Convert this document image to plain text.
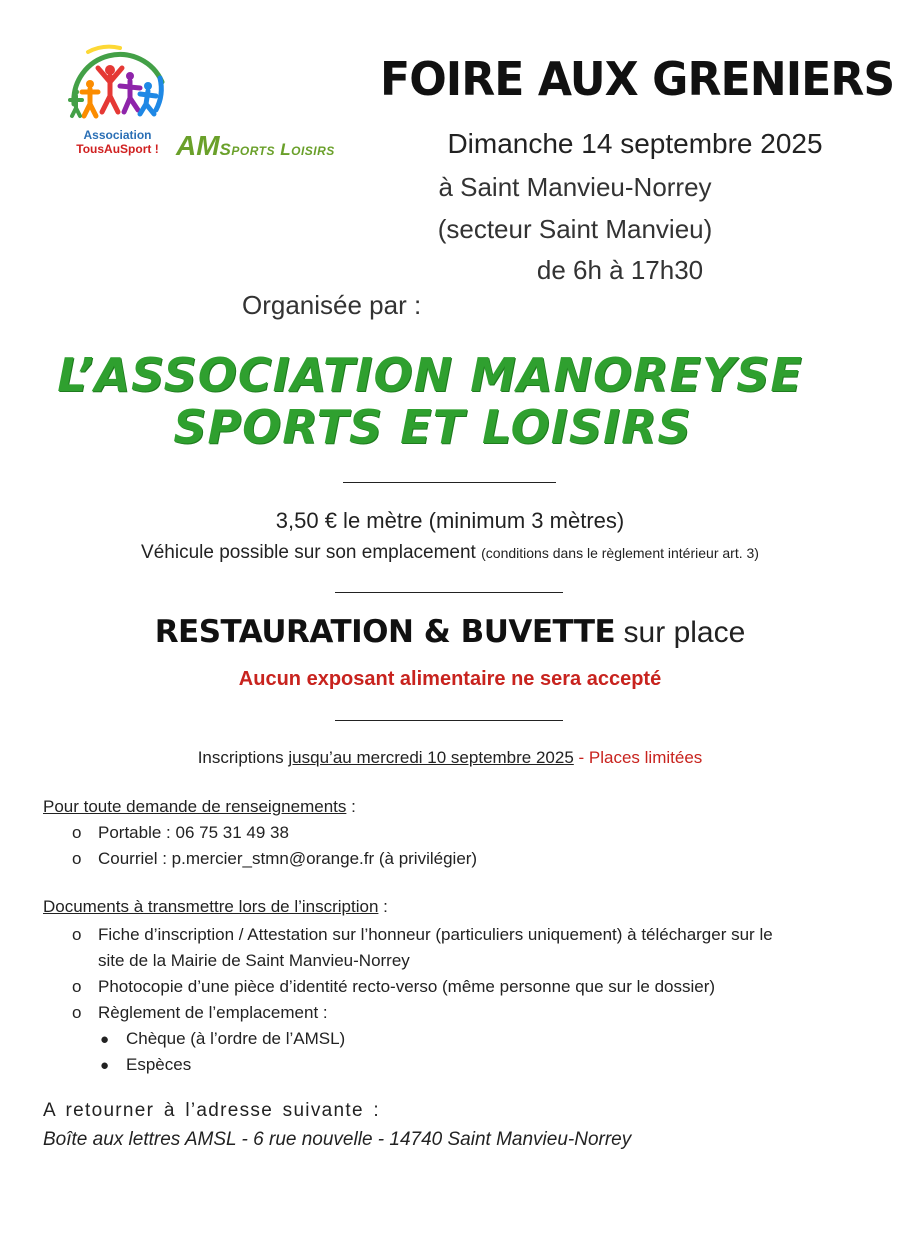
Association
TousAuSport ! AMSports Loisirs
FOIRE AUX GRENIERS
Dimanche 14 septembre 2025
à Saint Manvieu-Norrey
(secteur Saint Manvieu)
de 6h à 17h30
Organisée par :
L’ASSOCIATION MANOREYSE
SPORTS ET LOISIRS
3,50 € le mètre (minimum 3 mètres)
Véhicule possible sur son emplacement (conditions dans le règlement intérieur art. 3)
RESTAURATION & BUVETTE sur place
Aucun exposant alimentaire ne sera accepté
Inscriptions jusqu’au mercredi 10 septembre 2025 - Places limitées
Pour toute demande de renseignements :
o Portable : 06 75 31 49 38
o Courriel : p.mercier_stmn@orange.fr (à privilégier)
Documents à transmettre lors de l’inscription :
o Fiche d’inscription / Attestation sur l’honneur (particuliers uniquement) à télécharger sur le
site de la Mairie de Saint Manvieu-Norrey
o Photocopie d’une pièce d’identité recto-verso (même personne que sur le dossier)
o Règlement de l’emplacement :
● Chèque (à l’ordre de l’AMSL)
● Espèces
A retourner à l’adresse suivante :
Boîte aux lettres AMSL - 6 rue nouvelle - 14740 Saint Manvieu-Norrey
